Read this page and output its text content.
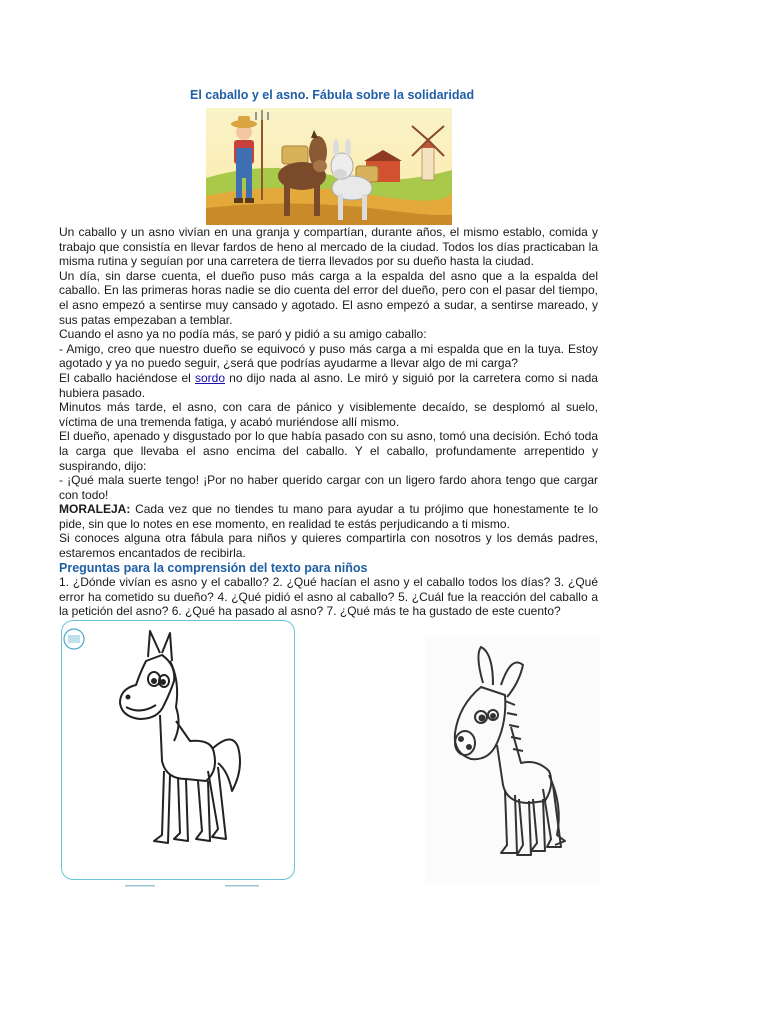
El caballo y el asno. Fábula sobre la solidaridad

Un caballo y un asno vivían en una granja y compartían, durante años, el mismo establo, comida y trabajo que consistía en llevar fardos de heno al mercado de la ciudad. Todos los días practicaban la misma rutina y seguían por una carretera de tierra llevados por su dueño hasta la ciudad.

Un día, sin darse cuenta, el dueño puso más carga a la espalda del asno que a la espalda del caballo. En las primeras horas nadie se dio cuenta del error del dueño, pero con el pasar del tiempo, el asno empezó a sentirse muy cansado y agotado. El asno empezó a sudar, a sentirse mareado, y sus patas empezaban a temblar.

Cuando el asno ya no podía más, se paró y pidió a su amigo caballo:

- Amigo, creo que nuestro dueño se equivocó y puso más carga a mi espalda que en la tuya. Estoy agotado y ya no puedo seguir, ¿será que podrías ayudarme a llevar algo de mi carga?

El caballo haciéndose el sordo no dijo nada al asno. Le miró y siguió por la carretera como si nada hubiera pasado.

Minutos más tarde, el asno, con cara de pánico y visiblemente decaído, se desplomó al suelo, víctima de una tremenda fatiga, y acabó muriéndose allí mismo.

El dueño, apenado y disgustado por lo que había pasado con su asno, tomó una decisión. Echó toda la carga que llevaba el asno encima del caballo. Y el caballo, profundamente arrepentido y suspirando, dijo:

- ¡Qué mala suerte tengo! ¡Por no haber querido cargar con un ligero fardo ahora tengo que cargar con todo!

MORALEJA: Cada vez que no tiendes tu mano para ayudar a tu prójimo que honestamente te lo pide, sin que lo notes en ese momento, en realidad te estás perjudicando a ti mismo.

Si conoces alguna otra fábula para niños y quieres compartirla con nosotros y los demás padres, estaremos encantados de recibirla.

Preguntas para la comprensión del texto para niños

1. ¿Dónde vivían es asno y el caballo? 2. ¿Qué hacían el asno y el caballo todos los días? 3. ¿Qué error ha cometido su dueño? 4. ¿Qué pidió el asno al caballo? 5. ¿Cuál fue la reacción del caballo a la petición del asno? 6. ¿Qué ha pasado al asno? 7. ¿Qué más te ha gustado de este cuento?
